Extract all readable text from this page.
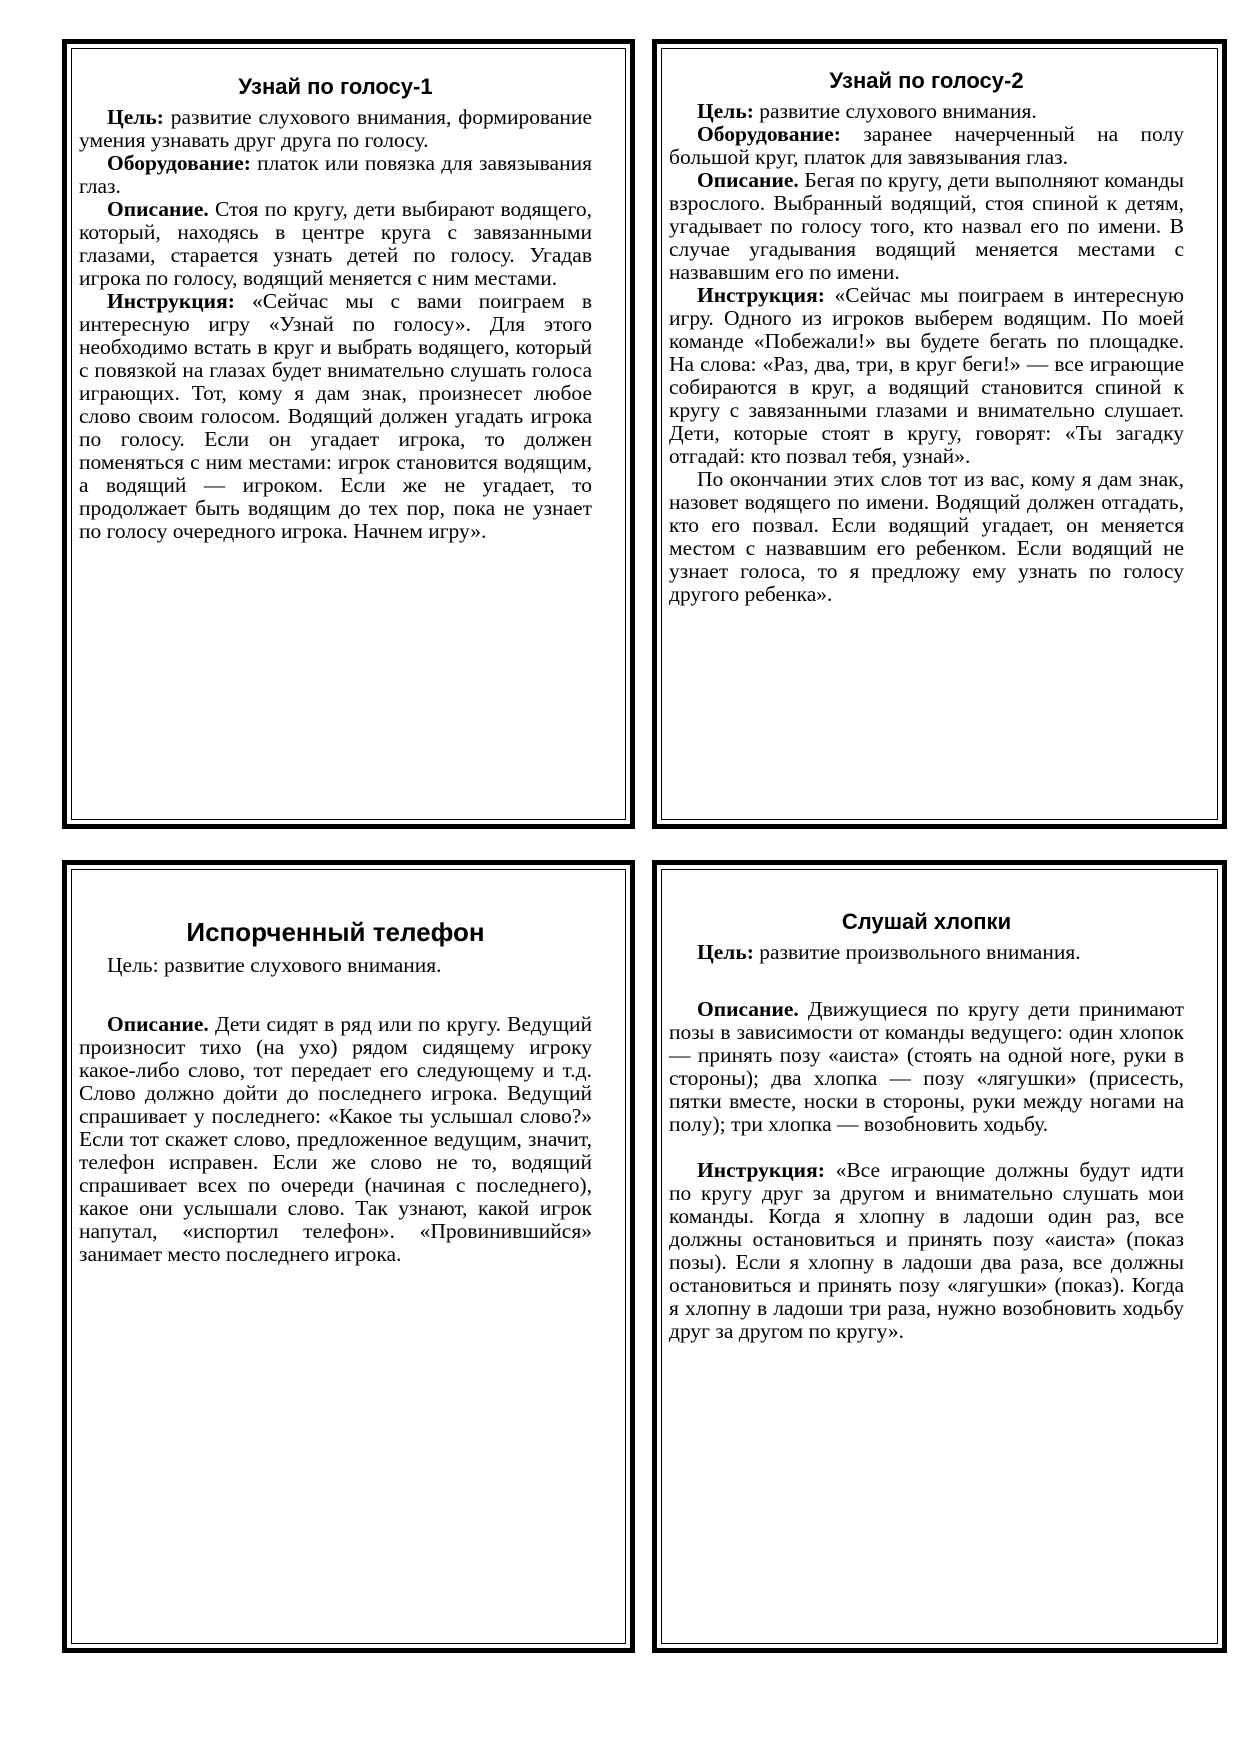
Узнай по голосу-1

Цель: развитие слухового внимания, формирование умения узнавать друг друга по голосу.

Оборудование: платок или повязка для завязывания глаз.

Описание. Стоя по кругу, дети выбирают водящего, который, находясь в центре круга с завязанными глазами, старается узнать детей по голосу. Угадав игрока по голосу, водящий меняется с ним местами.

Инструкция: «Сейчас мы с вами поиграем в интересную игру «Узнай по голосу». Для этого необходимо встать в круг и выбрать водящего, который с повязкой на глазах будет внимательно слушать голоса играющих. Тот, кому я дам знак, произнесет любое слово своим голосом. Водящий должен угадать игрока по голосу. Если он угадает игрока, то должен поменяться с ним местами: игрок становится водящим, а водящий — игроком. Если же не угадает, то продолжает быть водящим до тех пор, пока не узнает по голосу очередного игрока. Начнем игру».

Узнай по голосу-2

Цель: развитие слухового внимания.

Оборудование: заранее начерченный на полу большой круг, платок для завязывания глаз.

Описание. Бегая по кругу, дети выполняют команды взрослого. Выбранный водящий, стоя спиной к детям, угадывает по голосу того, кто назвал его по имени. В случае угадывания водящий меняется местами с назвавшим его по имени.

Инструкция: «Сейчас мы поиграем в интересную игру. Одного из игроков выберем водящим. По моей команде «Побежали!» вы будете бегать по площадке. На слова: «Раз, два, три, в круг беги!» — все играющие собираются в круг, а водящий становится спиной к кругу с завязанными глазами и внимательно слушает. Дети, которые стоят в кругу, говорят: «Ты загадку отгадай: кто позвал тебя, узнай».

По окончании этих слов тот из вас, кому я дам знак, назовет водящего по имени. Водящий должен отгадать, кто его позвал. Если водящий угадает, он меняется местом с назвавшим его ребенком. Если водящий не узнает голоса, то я предложу ему узнать по голосу другого ребенка».

Испорченный телефон

Цель: развитие слухового внимания.

Описание. Дети сидят в ряд или по кругу. Ведущий произносит тихо (на ухо) рядом сидящему игроку какое-либо слово, тот передает его следующему и т.д. Слово должно дойти до последнего игрока. Ведущий спрашивает у последнего: «Какое ты услышал слово?» Если тот скажет слово, предложенное ведущим, значит, телефон исправен. Если же слово не то, водящий спрашивает всех по очереди (начиная с последнего), какое они услышали слово. Так узнают, какой игрок напутал, «испортил телефон». «Провинившийся» занимает место последнего игрока.

Слушай хлопки

Цель: развитие произвольного внимания.

Описание. Движущиеся по кругу дети принимают позы в зависимости от команды ведущего: один хлопок — принять позу «аиста» (стоять на одной ноге, руки в стороны); два хлопка — позу «лягушки» (присесть, пятки вместе, носки в стороны, руки между ногами на полу); три хлопка — возобновить ходьбу.

Инструкция: «Все играющие должны будут идти по кругу друг за другом и внимательно слушать мои команды. Когда я хлопну в ладоши один раз, все должны остановиться и принять позу «аиста» (показ позы). Если я хлопну в ладоши два раза, все должны остановиться и принять позу «лягушки» (показ). Когда я хлопну в ладоши три раза, нужно возобновить ходьбу друг за другом по кругу».
